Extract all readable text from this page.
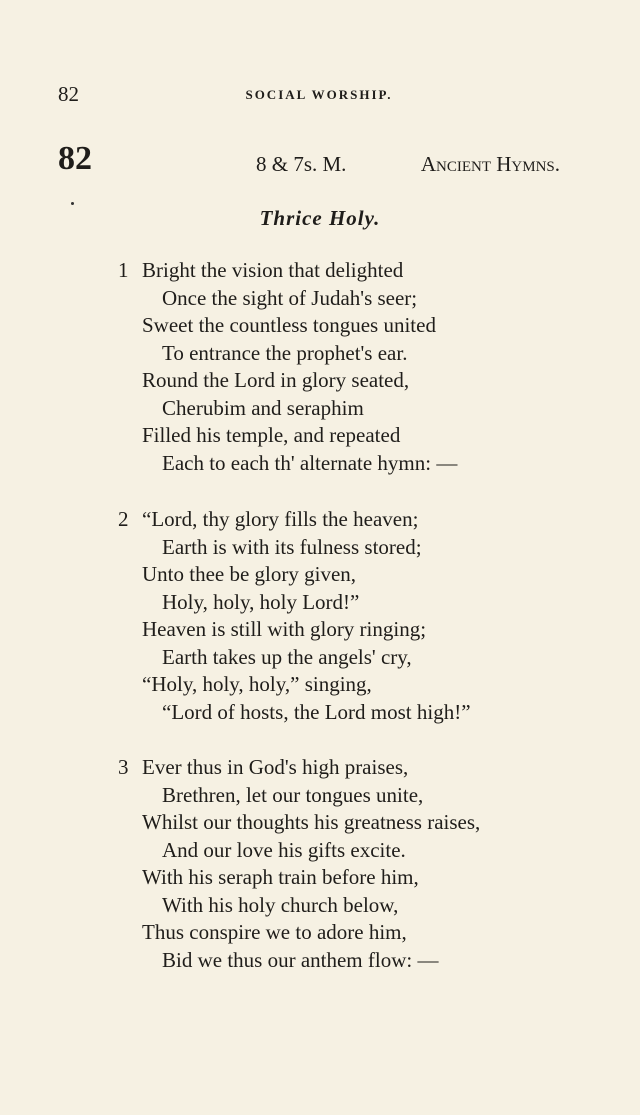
82	SOCIAL WORSHIP.
82	8 & 7s. M.	Ancient Hymns.
Thrice Holy.
1 Bright the vision that delighted
Once the sight of Judah's seer;
Sweet the countless tongues united
To entrance the prophet's ear.
Round the Lord in glory seated,
Cherubim and seraphim
Filled his temple, and repeated
Each to each th' alternate hymn: —
2 “Lord, thy glory fills the heaven;
Earth is with its fulness stored;
Unto thee be glory given,
Holy, holy, holy Lord!”
Heaven is still with glory ringing;
Earth takes up the angels' cry,
“Holy, holy, holy,” singing,
“Lord of hosts, the Lord most high!”
3 Ever thus in God's high praises,
Brethren, let our tongues unite,
Whilst our thoughts his greatness raises,
And our love his gifts excite.
With his seraph train before him,
With his holy church below,
Thus conspire we to adore him,
Bid we thus our anthem flow: —
